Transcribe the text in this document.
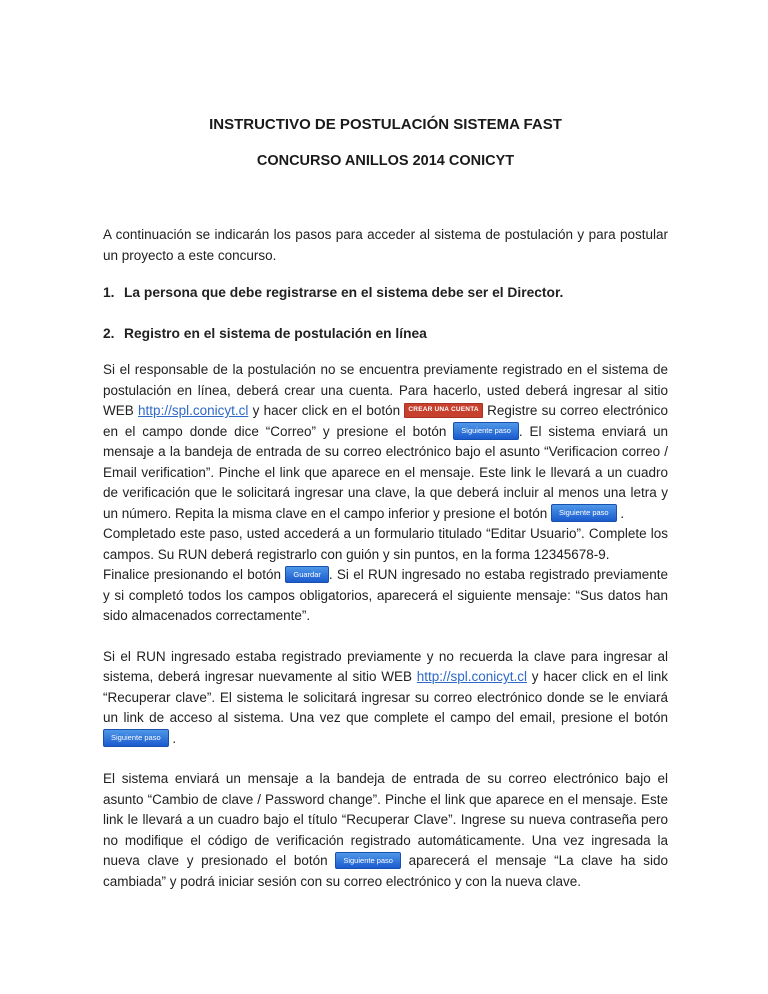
INSTRUCTIVO DE POSTULACIÓN SISTEMA FAST
CONCURSO ANILLOS 2014 CONICYT

A continuación se indicarán los pasos para acceder al sistema de postulación y para postular un proyecto a este concurso.

1. La persona que debe registrarse en el sistema debe ser el Director.
2. Registro en el sistema de postulación en línea

Si el responsable de la postulación no se encuentra previamente registrado en el sistema de postulación en línea, deberá crear una cuenta. Para hacerlo, usted deberá ingresar al sitio WEB http://spl.conicyt.cl y hacer click en el botón CREAR UNA CUENTA Registre su correo electrónico en el campo donde dice “Correo” y presione el botón Siguiente paso . El sistema enviará un mensaje a la bandeja de entrada de su correo electrónico bajo el asunto “Verificacion correo / Email verification”. Pinche el link que aparece en el mensaje. Este link le llevará a un cuadro de verificación que le solicitará ingresar una clave, la que deberá incluir al menos una letra y un número. Repita la misma clave en el campo inferior y presione el botón Siguiente paso .

Completado este paso, usted accederá a un formulario titulado “Editar Usuario”. Complete los campos. Su RUN deberá registrarlo con guión y sin puntos, en la forma 12345678-9.

Finalice presionando el botón Guardar . Si el RUN ingresado no estaba registrado previamente y si completó todos los campos obligatorios, aparecerá el siguiente mensaje: “Sus datos han sido almacenados correctamente”.

Si el RUN ingresado estaba registrado previamente y no recuerda la clave para ingresar al sistema, deberá ingresar nuevamente al sitio WEB http://spl.conicyt.cl y hacer click en el link “Recuperar clave”. El sistema le solicitará ingresar su correo electrónico donde se le enviará un link de acceso al sistema. Una vez que complete el campo del email, presione el botón Siguiente paso .

El sistema enviará un mensaje a la bandeja de entrada de su correo electrónico bajo el asunto “Cambio de clave / Password change”. Pinche el link que aparece en el mensaje. Este link le llevará a un cuadro bajo el título “Recuperar Clave”. Ingrese su nueva contraseña pero no modifique el código de verificación registrado automáticamente. Una vez ingresada la nueva clave y presionado el botón Siguiente paso aparecerá el mensaje “La clave ha sido cambiada” y podrá iniciar sesión con su correo electrónico y con la nueva clave.
